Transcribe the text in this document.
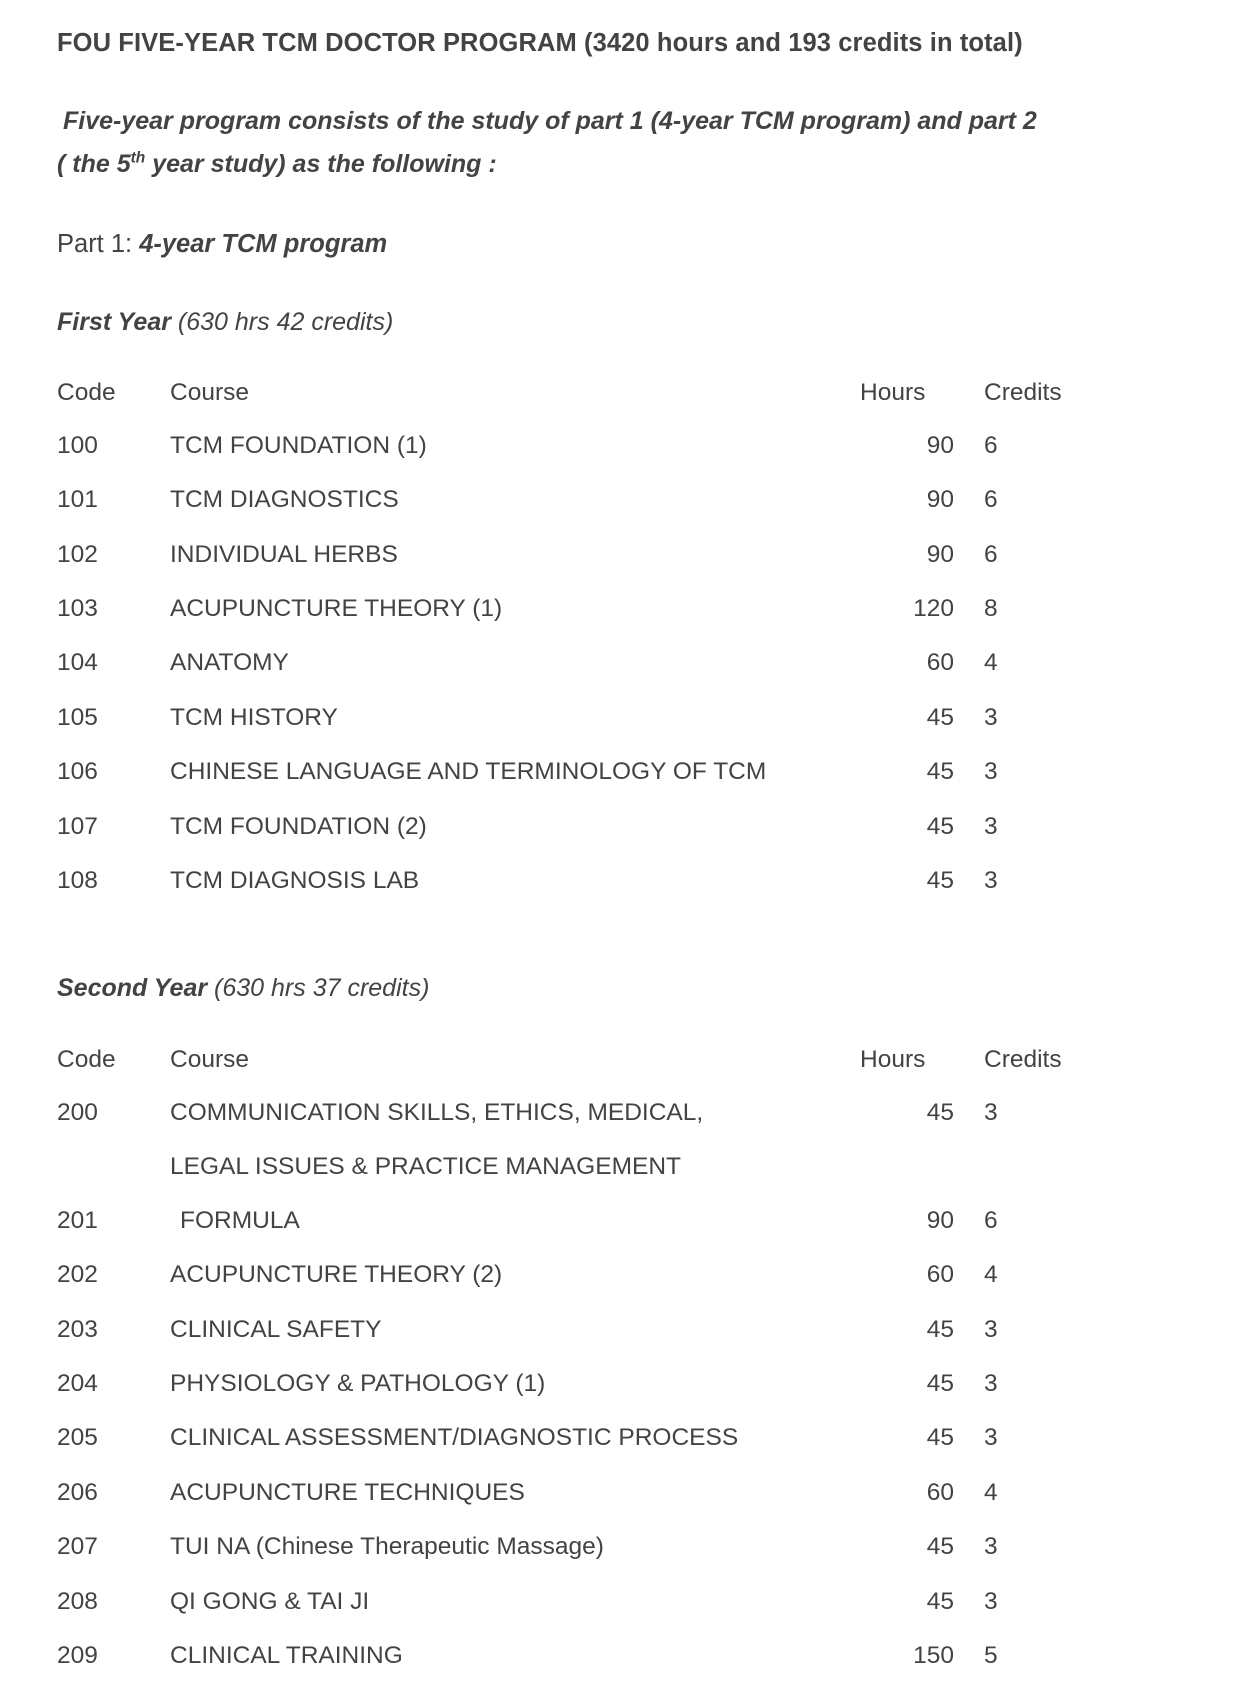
FOU FIVE-YEAR TCM DOCTOR PROGRAM (3420 hours and 193 credits in total)

Five-year program consists of the study of part 1 (4-year TCM program) and part 2
( the 5th year study) as the following :

Part 1: 4-year TCM program

First Year (630 hrs 42 credits)

Code	Course	Hours	Credits
100	TCM FOUNDATION (1)	90	6
101	TCM DIAGNOSTICS	90	6
102	INDIVIDUAL HERBS	90	6
103	ACUPUNCTURE THEORY (1)	120	8
104	ANATOMY	60	4
105	TCM HISTORY	45	3
106	CHINESE LANGUAGE AND TERMINOLOGY OF TCM	45	3
107	TCM FOUNDATION (2)	45	3
108	TCM DIAGNOSIS LAB	45	3

Second Year (630 hrs 37 credits)

Code	Course	Hours	Credits
200	COMMUNICATION SKILLS, ETHICS, MEDICAL,
LEGAL ISSUES & PRACTICE MANAGEMENT	45	3
201	FORMULA	90	6
202	ACUPUNCTURE THEORY (2)	60	4
203	CLINICAL SAFETY	45	3
204	PHYSIOLOGY & PATHOLOGY (1)	45	3
205	CLINICAL ASSESSMENT/DIAGNOSTIC PROCESS	45	3
206	ACUPUNCTURE TECHNIQUES	60	4
207	TUI NA (Chinese Therapeutic Massage)	45	3
208	QI GONG & TAI JI	45	3
209	CLINICAL TRAINING	150	5
